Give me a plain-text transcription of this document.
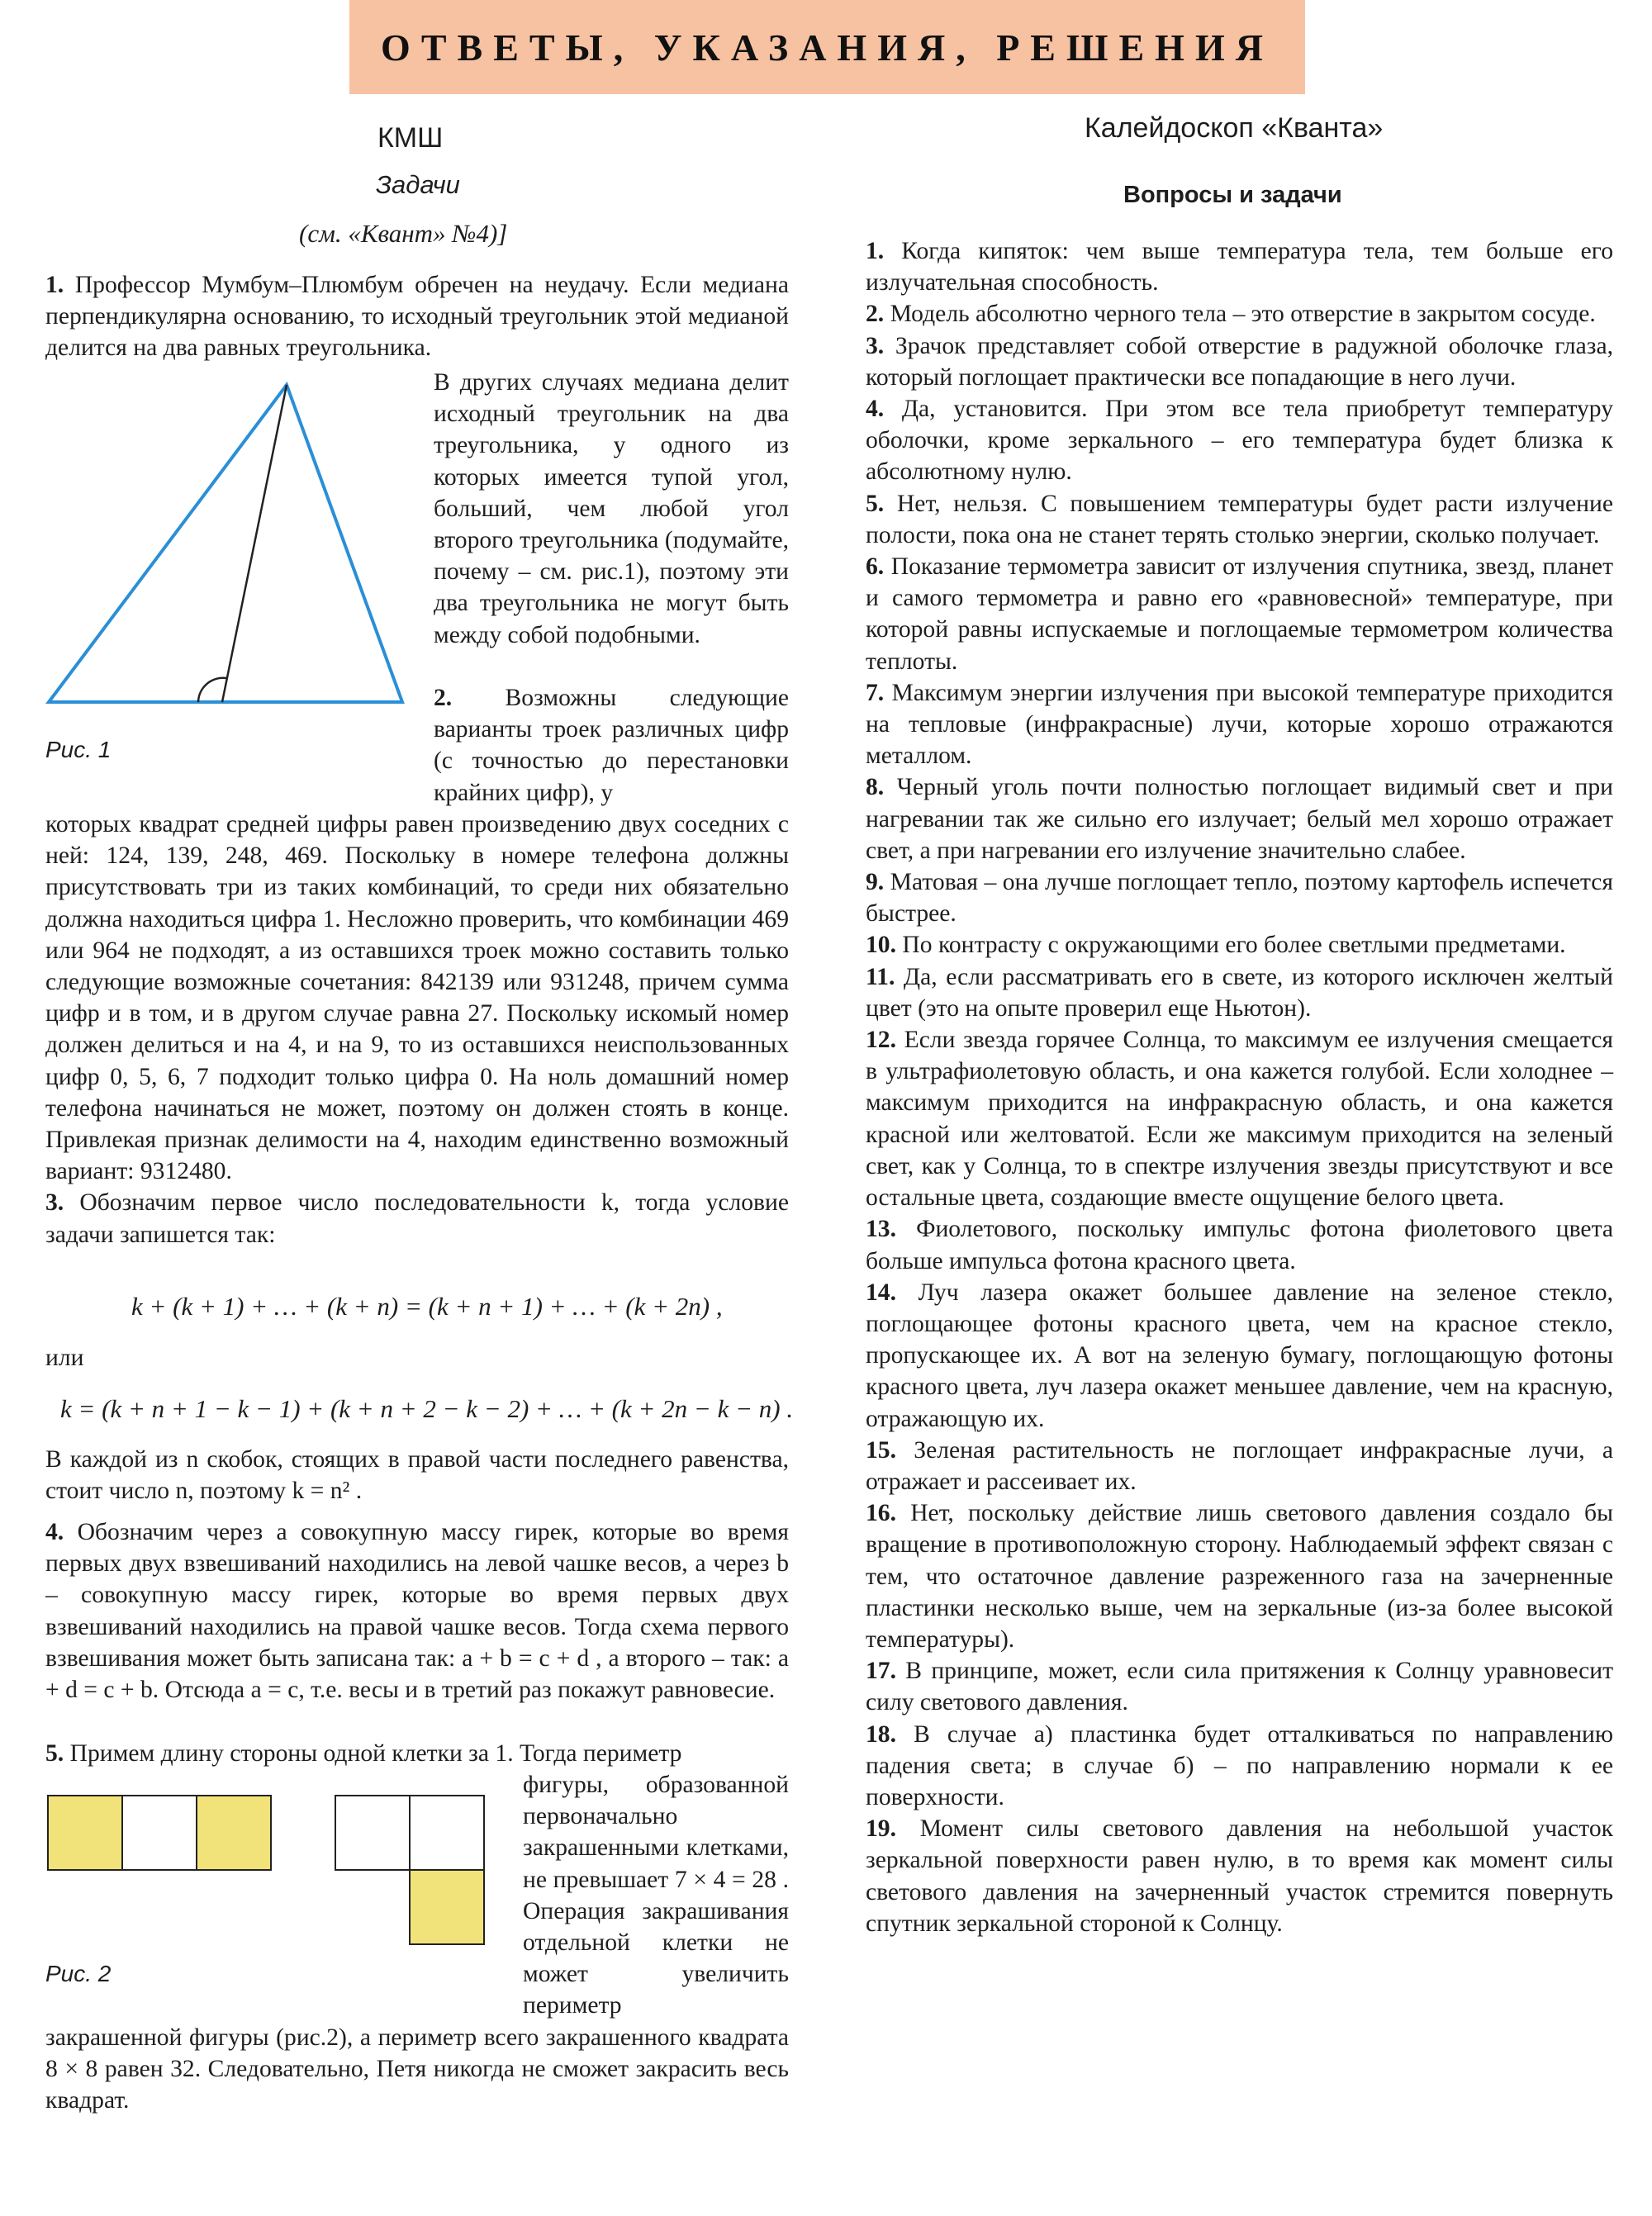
ОТВЕТЫ, УКАЗАНИЯ, РЕШЕНИЯ
КМШ
Задачи
(см. «Квант» №4)]

1. Профессор Мумбум–Плюмбум обречен на неудачу. Если медиана перпендикулярна основанию, то исходный треугольник этой медианой делится на два равных треугольника.

Рис. 1
В других случаях медиана делит исходный треугольник на два треугольника, у одного из которых имеется тупой угол, больший, чем любой угол второго треугольника (подумайте, почему – см. рис.1), поэтому эти два треугольника не могут быть между собой подобными.
2. Возможны следующие варианты троек различных цифр (с точностью до перестановки крайних цифр), у

которых квадрат средней цифры равен произведению двух соседних с ней: 124, 139, 248, 469. Поскольку в номере телефона должны присутствовать три из таких комбинаций, то среди них обязательно должна находиться цифра 1. Несложно проверить, что комбинации 469 или 964 не подходят, а из оставшихся троек можно составить только следующие возможные сочетания: 842139 или 931248, причем сумма цифр и в том, и в другом случае равна 27. Поскольку искомый номер должен делиться и на 4, и на 9, то из оставшихся неиспользованных цифр 0, 5, 6, 7 подходит только цифра 0. На ноль домашний номер телефона начинаться не может, поэтому он должен стоять в конце. Привлекая признак делимости на 4, находим единственно возможный вариант: 9312480.

3. Обозначим первое число последовательности k, тогда условие задачи запишется так:

k + (k + 1) + … + (k + n) = (k + n + 1) + … + (k + 2n) ,
или
k = (k + n + 1 − k − 1) + (k + n + 2 − k − 2) + … + (k + 2n − k − n) .

В каждой из n скобок, стоящих в правой части последнего равенства, стоит число n, поэтому k = n² .

4. Обозначим через a совокупную массу гирек, которые во время первых двух взвешиваний находились на левой чашке весов, а через b – совокупную массу гирек, которые во время первых двух взвешиваний находились на правой чашке весов. Тогда схема первого взвешивания может быть записана так: a + b = c + d , а второго – так: a + d = c + b. Отсюда a = c, т.е. весы и в третий раз покажут равновесие.

5. Примем длину стороны одной клетки за 1. Тогда периметр

Рис. 2
фигуры, образованной первоначально закрашенными клетками, не превышает 7 × 4 = 28 . Операция закрашивания отдельной клетки не может увеличить периметр

закрашенной фигуры (рис.2), а периметр всего закрашенного квадрата 8 × 8 равен 32. Следовательно, Петя никогда не сможет закрасить весь квадрат.

Калейдоскоп «Кванта»
Вопросы и задачи

1. Когда кипяток: чем выше температура тела, тем больше его излучательная способность.

2. Модель абсолютно черного тела – это отверстие в закрытом сосуде.

3. Зрачок представляет собой отверстие в радужной оболочке глаза, который поглощает практически все попадающие в него лучи.

4. Да, установится. При этом все тела приобретут температуру оболочки, кроме зеркального – его температура будет близка к абсолютному нулю.

5. Нет, нельзя. С повышением температуры будет расти излучение полости, пока она не станет терять столько энергии, сколько получает.

6. Показание термометра зависит от излучения спутника, звезд, планет и самого термометра и равно его «равновесной» температуре, при которой равны испускаемые и поглощаемые термометром количества теплоты.

7. Максимум энергии излучения при высокой температуре приходится на тепловые (инфракрасные) лучи, которые хорошо отражаются металлом.

8. Черный уголь почти полностью поглощает видимый свет и при нагревании так же сильно его излучает; белый мел хорошо отражает свет, а при нагревании его излучение значительно слабее.

9. Матовая – она лучше поглощает тепло, поэтому картофель испечется быстрее.

10. По контрасту с окружающими его более светлыми предметами.

11. Да, если рассматривать его в свете, из которого исключен желтый цвет (это на опыте проверил еще Ньютон).

12. Если звезда горячее Солнца, то максимум ее излучения смещается в ультрафиолетовую область, и она кажется голубой. Если холоднее – максимум приходится на инфракрасную область, и она кажется красной или желтоватой. Если же максимум приходится на зеленый свет, как у Солнца, то в спектре излучения звезды присутствуют и все остальные цвета, создающие вместе ощущение белого цвета.

13. Фиолетового, поскольку импульс фотона фиолетового цвета больше импульса фотона красного цвета.

14. Луч лазера окажет большее давление на зеленое стекло, поглощающее фотоны красного цвета, чем на красное стекло, пропускающее их. А вот на зеленую бумагу, поглощающую фотоны красного цвета, луч лазера окажет меньшее давление, чем на красную, отражающую их.

15. Зеленая растительность не поглощает инфракрасные лучи, а отражает и рассеивает их.

16. Нет, поскольку действие лишь светового давления создало бы вращение в противоположную сторону. Наблюдаемый эффект связан с тем, что остаточное давление разреженного газа на зачерненные пластинки несколько выше, чем на зеркальные (из-за более высокой температуры).

17. В принципе, может, если сила притяжения к Солнцу уравновесит силу светового давления.

18. В случае а) пластинка будет отталкиваться по направлению падения света; в случае б) – по направлению нормали к ее поверхности.

19. Момент силы светового давления на небольшой участок зеркальной поверхности равен нулю, в то время как момент силы светового давления на зачерненный участок стремится повернуть спутник зеркальной стороной к Солнцу.
